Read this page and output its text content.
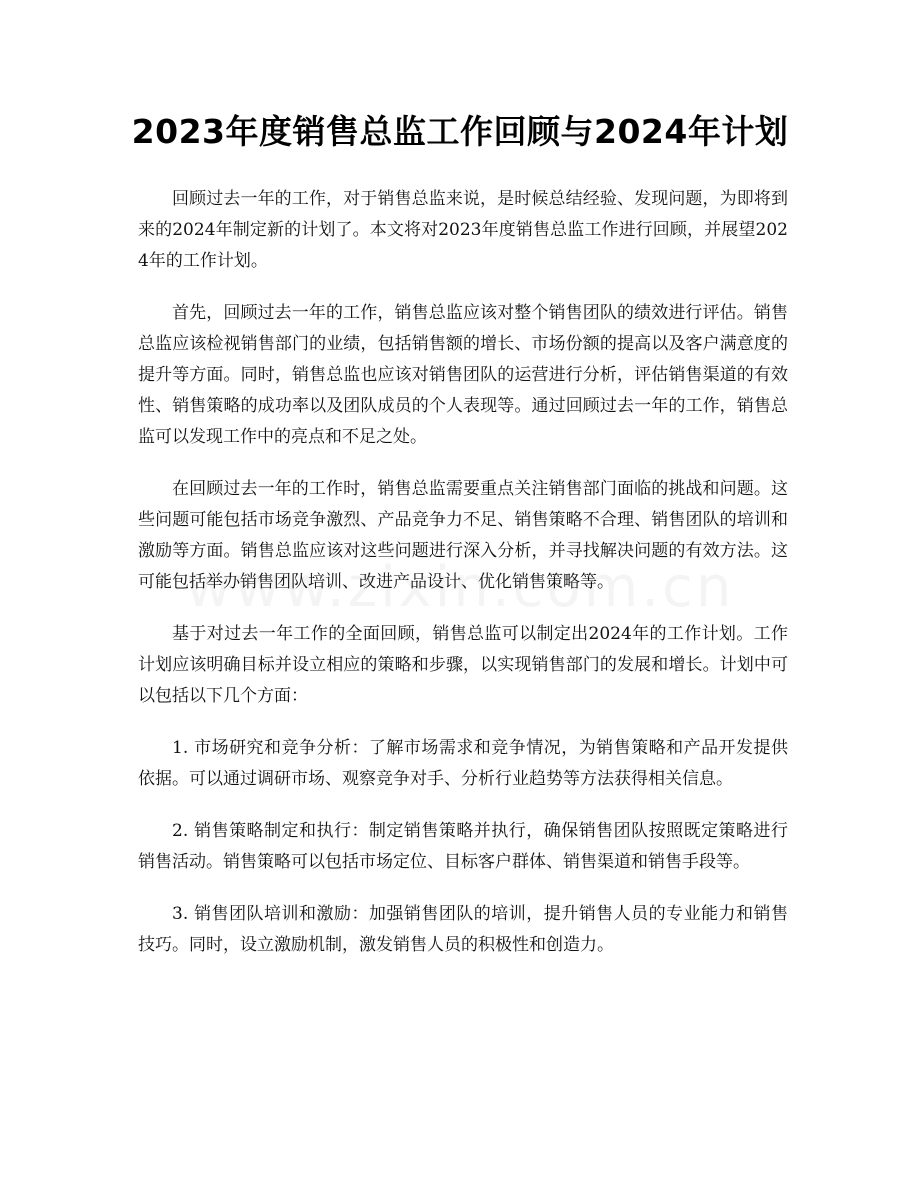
2023年度销售总监工作回顾与2024年计划

回顾过去一年的工作，对于销售总监来说，是时候总结经验、发现问题，为即将到来的2024年制定新的计划了。本文将对2023年度销售总监工作进行回顾，并展望2024年的工作计划。

首先，回顾过去一年的工作，销售总监应该对整个销售团队的绩效进行评估。销售总监应该检视销售部门的业绩，包括销售额的增长、市场份额的提高以及客户满意度的提升等方面。同时，销售总监也应该对销售团队的运营进行分析，评估销售渠道的有效性、销售策略的成功率以及团队成员的个人表现等。通过回顾过去一年的工作，销售总监可以发现工作中的亮点和不足之处。

在回顾过去一年的工作时，销售总监需要重点关注销售部门面临的挑战和问题。这些问题可能包括市场竞争激烈、产品竞争力不足、销售策略不合理、销售团队的培训和激励等方面。销售总监应该对这些问题进行深入分析，并寻找解决问题的有效方法。这可能包括举办销售团队培训、改进产品设计、优化销售策略等。

基于对过去一年工作的全面回顾，销售总监可以制定出2024年的工作计划。工作计划应该明确目标并设立相应的策略和步骤，以实现销售部门的发展和增长。计划中可以包括以下几个方面：

1. 市场研究和竞争分析：了解市场需求和竞争情况，为销售策略和产品开发提供依据。可以通过调研市场、观察竞争对手、分析行业趋势等方法获得相关信息。

2. 销售策略制定和执行：制定销售策略并执行，确保销售团队按照既定策略进行销售活动。销售策略可以包括市场定位、目标客户群体、销售渠道和销售手段等。

3. 销售团队培训和激励：加强销售团队的培训，提升销售人员的专业能力和销售技巧。同时，设立激励机制，激发销售人员的积极性和创造力。
